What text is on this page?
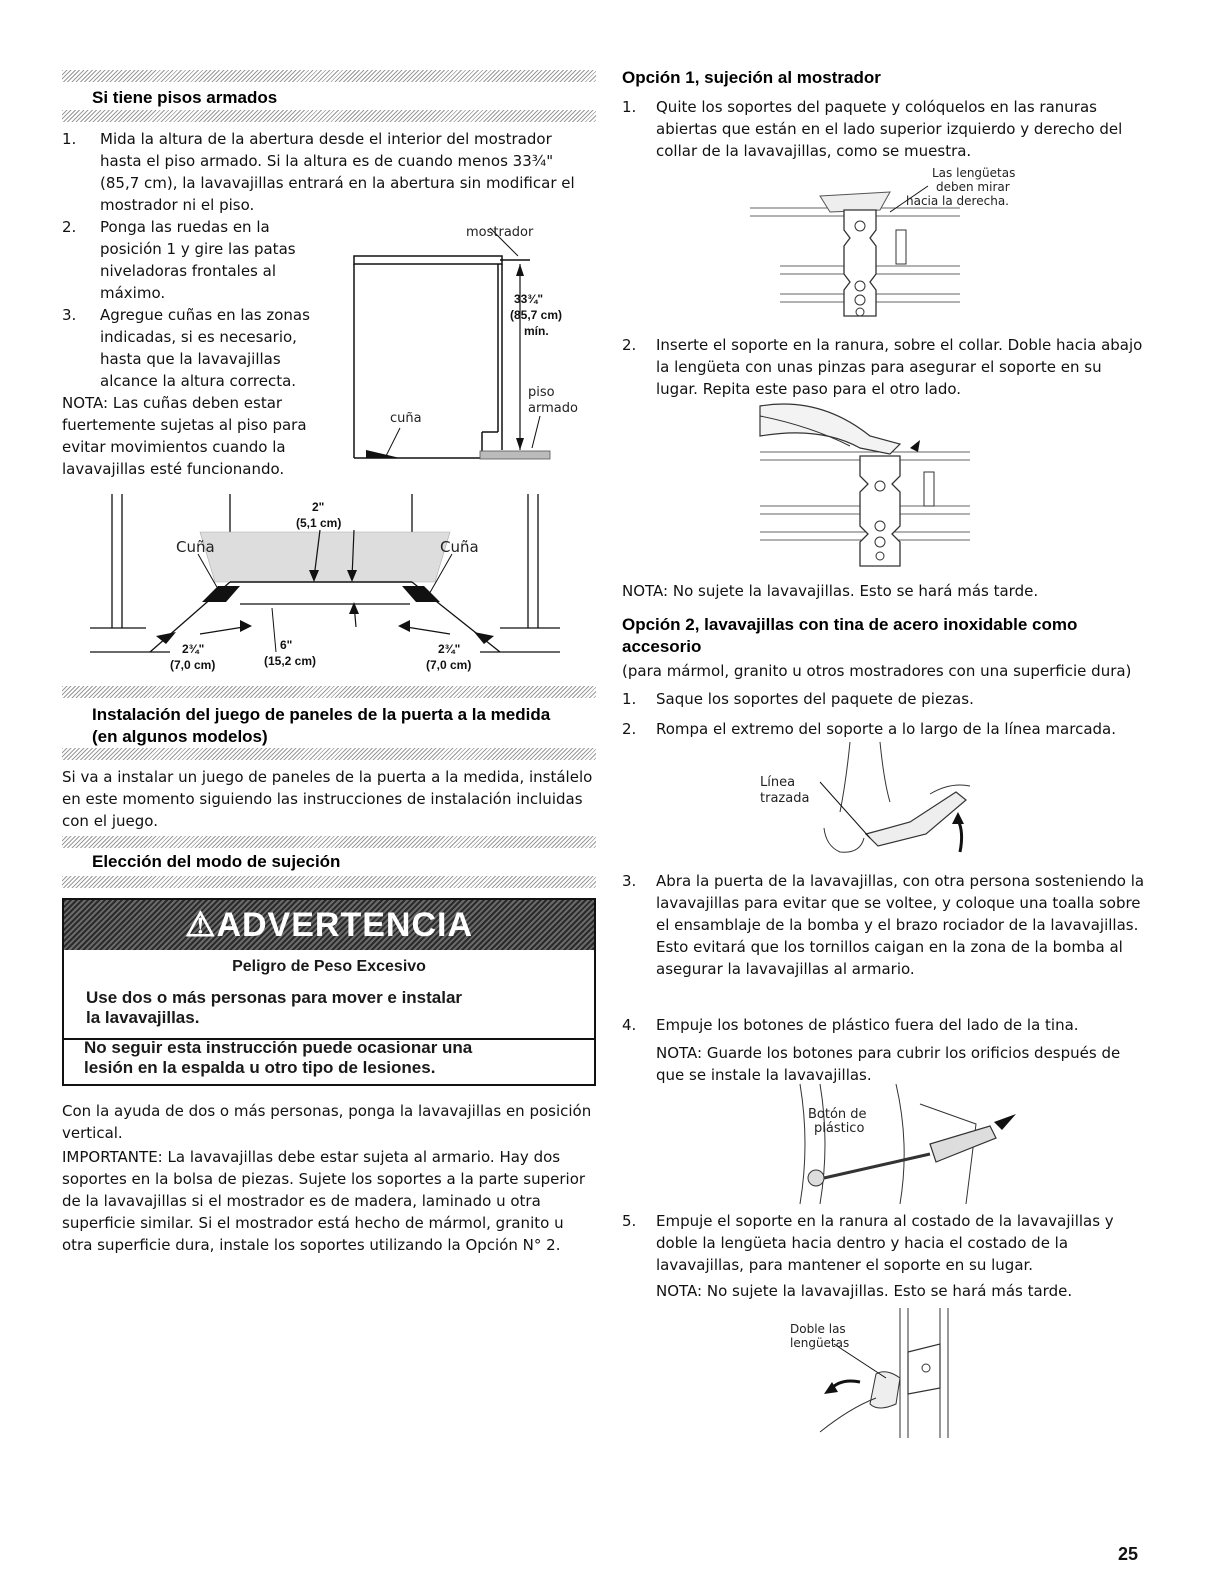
Si tiene pisos armados
1. Mida la altura de la abertura desde el interior del mostrador hasta el piso armado. Si la altura es de cuando menos 33¾" (85,7 cm), la lavavajillas entrará en la abertura sin modificar el mostrador ni el piso.
2. Ponga las ruedas en la posición 1 y gire las patas niveladoras frontales al máximo.
3. Agregue cuñas en las zonas indicadas, si es necesario, hasta que la lavavajillas alcance la altura correcta.
NOTA: Las cuñas deben estar fuertemente sujetas al piso para evitar movimientos cuando la lavavajillas esté funcionando.
mostrador
33¾"
(85,7 cm)
mín.
piso
armado
cuña
Cuña	Cuña
2"
(5,1 cm)
2¾"
(7,0 cm)
6"
(15,2 cm)
2¾"
(7,0 cm)
Instalación del juego de paneles de la puerta a la medida
(en algunos modelos)
Si va a instalar un juego de paneles de la puerta a la medida, instálelo en este momento siguiendo las instrucciones de instalación incluidas con el juego.
Elección del modo de sujeción
⚠ADVERTENCIA
Peligro de Peso Excesivo
Use dos o más personas para mover e instalar
la lavavajillas.
No seguir esta instrucción puede ocasionar una
lesión en la espalda u otro tipo de lesiones.
Con la ayuda de dos o más personas, ponga la lavavajillas en posición vertical.
IMPORTANTE: La lavavajillas debe estar sujeta al armario. Hay dos soportes en la bolsa de piezas. Sujete los soportes a la parte superior de la lavavajillas si el mostrador es de madera, laminado u otra superficie similar. Si el mostrador está hecho de mármol, granito u otra superficie dura, instale los soportes utilizando la Opción N° 2.
Opción 1, sujeción al mostrador
1. Quite los soportes del paquete y colóquelos en las ranuras abiertas que están en el lado superior izquierdo y derecho del collar de la lavavajillas, como se muestra.
Las lengüetas
deben mirar
hacia la derecha.
2. Inserte el soporte en la ranura, sobre el collar. Doble hacia abajo la lengüeta con unas pinzas para asegurar el soporte en su lugar. Repita este paso para el otro lado.
NOTA: No sujete la lavavajillas. Esto se hará más tarde.
Opción 2, lavavajillas con tina de acero inoxidable como
accesorio
(para mármol, granito u otros mostradores con una superficie dura)
1. Saque los soportes del paquete de piezas.
2. Rompa el extremo del soporte a lo largo de la línea marcada.
Línea
trazada
3. Abra la puerta de la lavavajillas, con otra persona sosteniendo la lavavajillas para evitar que se voltee, y coloque una toalla sobre el ensamblaje de la bomba y el brazo rociador de la lavavajillas. Esto evitará que los tornillos caigan en la zona de la bomba al asegurar la lavavajillas al armario.
4. Empuje los botones de plástico fuera del lado de la tina.
NOTA: Guarde los botones para cubrir los orificios después de que se instale la lavavajillas.
Botón de
plástico
5. Empuje el soporte en la ranura al costado de la lavavajillas y doble la lengüeta hacia dentro y hacia el costado de la lavavajillas, para mantener el soporte en su lugar.
NOTA: No sujete la lavavajillas. Esto se hará más tarde.
Doble las
lengüetas
25
